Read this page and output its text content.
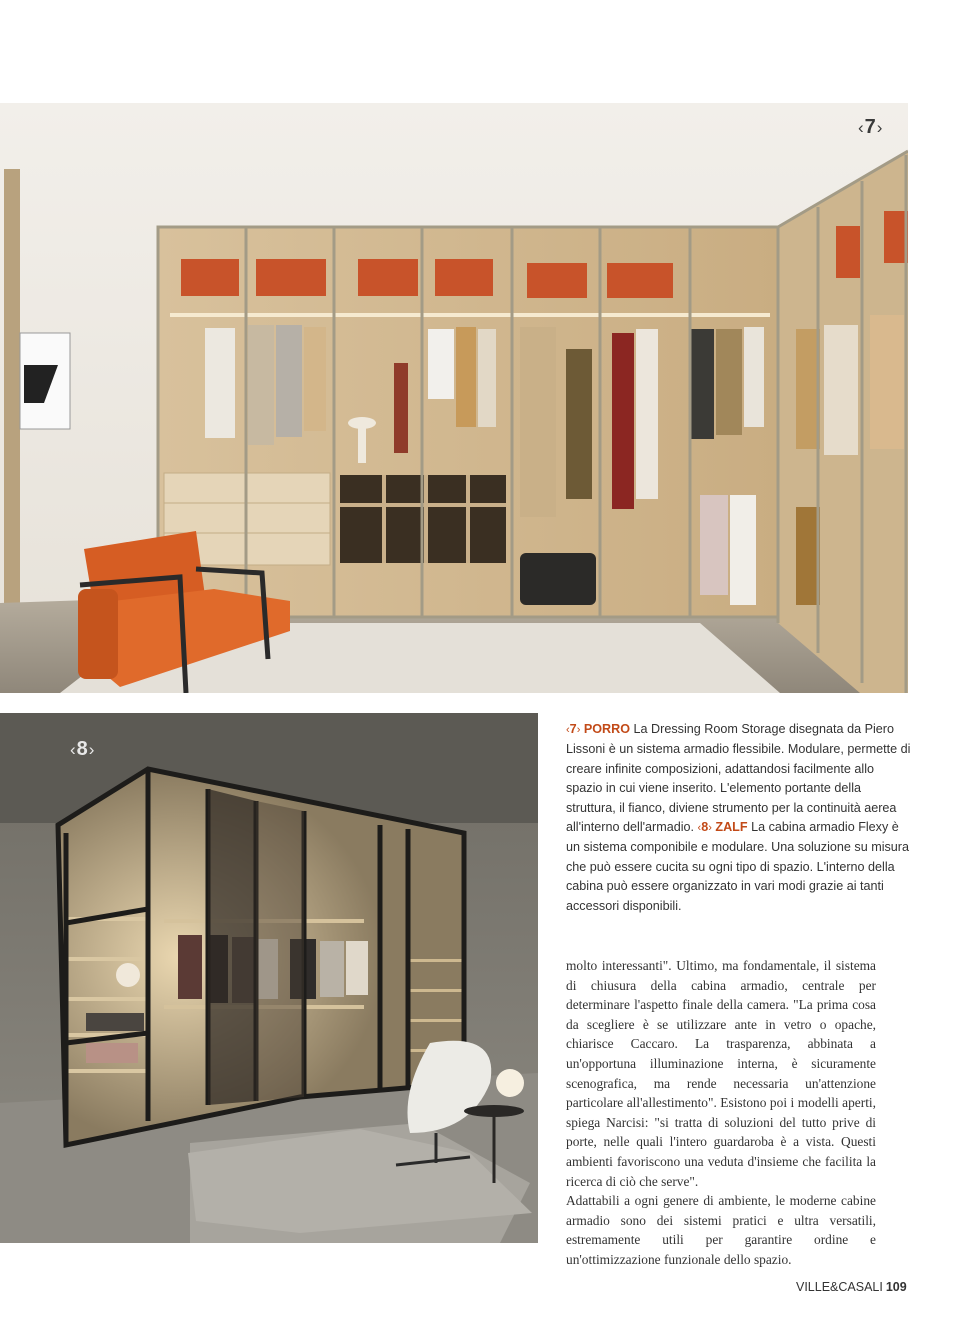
‹7›
‹8›
‹7› PORRO La Dressing Room Storage disegnata da Piero Lissoni è un sistema armadio flessibile. Modulare, permette di creare infinite composizioni, adattandosi facilmente allo spazio in cui viene inserito. L'elemento portante della struttura, il fianco, diviene strumento per la continuità aerea all'interno dell'armadio. ‹8› ZALF La cabina armadio Flexy è un sistema componibile e modulare. Una soluzione su misura che può essere cucita su ogni tipo di spazio. L'interno della cabina può essere organizzato in vari modi grazie ai tanti accessori disponibili.

molto interessanti". Ultimo, ma fondamentale, il sistema di chiusura della cabina armadio, centrale per determinare l'aspetto finale della camera. "La prima cosa da scegliere è se utilizzare ante in vetro o opache, chiarisce Caccaro. La trasparenza, abbinata a un'opportuna illuminazione interna, è sicuramente scenografica, ma rende necessaria un'attenzione particolare all'allestimento". Esistono poi i modelli aperti, spiega Narcisi: "si tratta di soluzioni del tutto prive di porte, nelle quali l'intero guardaroba è a vista. Questi ambienti favoriscono una veduta d'insieme che facilita la ricerca di ciò che serve".

Adattabili a ogni genere di ambiente, le moderne cabine armadio sono dei sistemi pratici e ultra versatili, estremamente utili per garantire ordine e un'ottimizzazione funzionale dello spazio.

VILLE&CASALI 109
